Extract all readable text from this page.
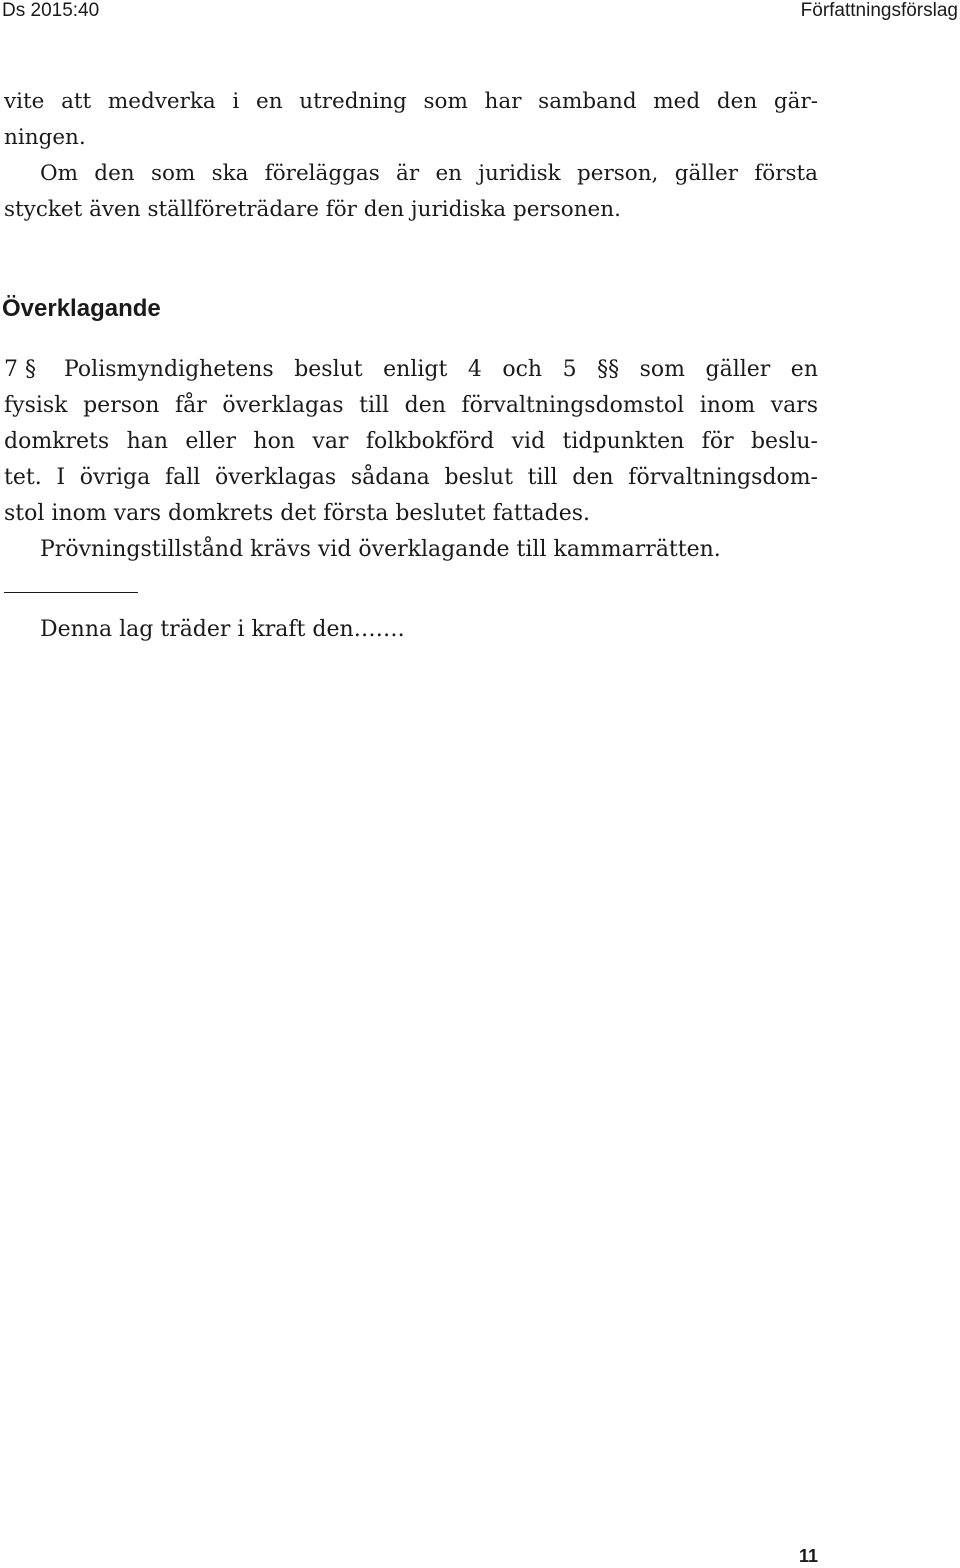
Ds 2015:40	Författningsförslag
vite att medverka i en utredning som har samband med den gär-
ningen.
Om den som ska föreläggas är en juridisk person, gäller första
stycket även ställföreträdare för den juridiska personen.
Överklagande
7 §	Polismyndighetens beslut enligt 4 och 5 §§ som gäller en
fysisk person får överklagas till den förvaltningsdomstol inom vars
domkrets han eller hon var folkbokförd vid tidpunkten för beslu-
tet. I övriga fall överklagas sådana beslut till den förvaltningsdom-
stol inom vars domkrets det första beslutet fattades.
Prövningstillstånd krävs vid överklagande till kammarrätten.
Denna lag träder i kraft den…….
11
